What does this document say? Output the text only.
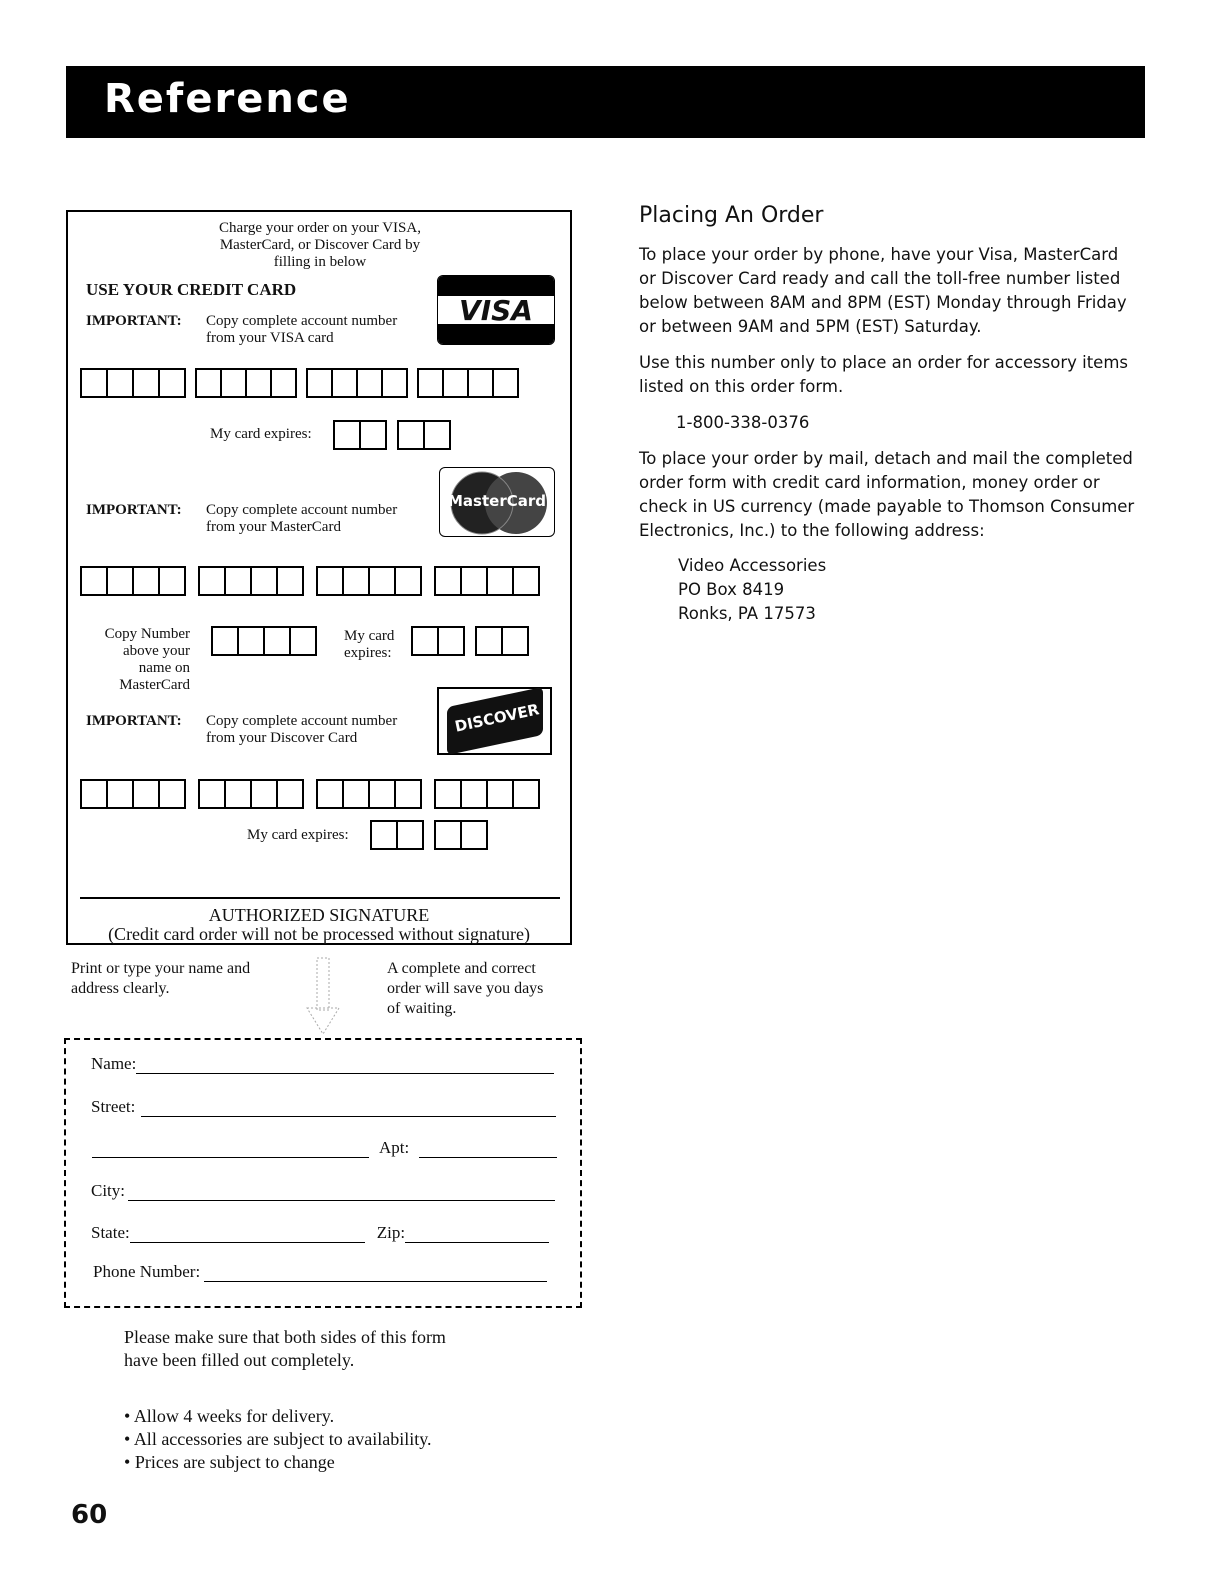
Reference
Charge your order on your VISA,
MasterCard, or Discover Card by
filling in below
USE YOUR CREDIT CARD
IMPORTANT: Copy complete account number
from your VISA card
VISA
My card expires:
IMPORTANT: Copy complete account number
from your MasterCard
MasterCard
Copy Number
above your
name on
MasterCard
My card
expires:
IMPORTANT: Copy complete account number
from your Discover Card
DISCOVER
My card expires:
AUTHORIZED SIGNATURE
(Credit card order will not be processed without signature)
Print or type your name and
address clearly.
A complete and correct
order will save you days
of waiting.
Name:
Street:
Apt:
City:
State:	Zip:
Phone Number:
Please make sure that both sides of this form
have been filled out completely.
• Allow 4 weeks for delivery.
• All accessories are subject to availability.
• Prices are subject to change
60
Placing An Order
To place your order by phone, have your Visa, MasterCard
or Discover Card ready and call the toll-free number listed
below between 8AM and 8PM (EST) Monday through Friday
or between 9AM and 5PM (EST) Saturday.
Use this number only to place an order for accessory items
listed on this order form.
1-800-338-0376
To place your order by mail, detach and mail the completed
order form with credit card information, money order or
check in US currency (made payable to Thomson Consumer
Electronics, Inc.) to the following address:
Video Accessories
PO Box 8419
Ronks, PA 17573
